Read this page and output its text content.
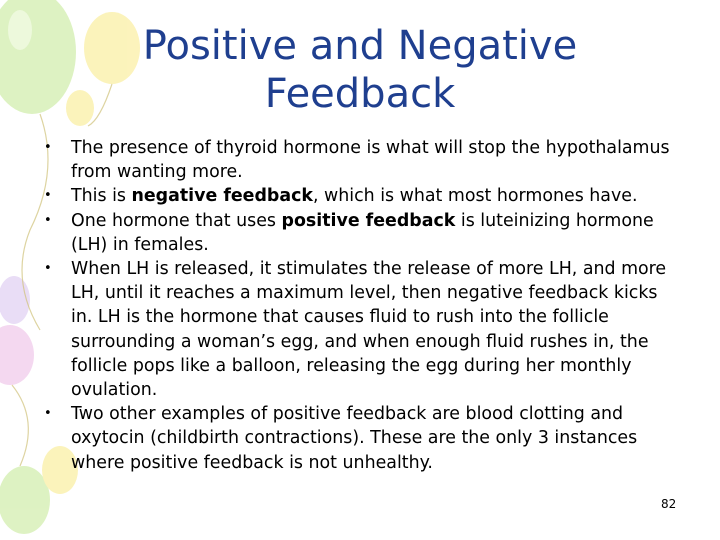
Positive and Negative
Feedback
• The presence of thyroid hormone is what will stop the hypothalamus from wanting more.
• This is negative feedback, which is what most hormones have.
• One hormone that uses positive feedback is luteinizing hormone (LH) in females.
• When LH is released, it stimulates the release of more LH, and more LH, until it reaches a maximum level, then negative feedback kicks in. LH is the hormone that causes fluid to rush into the follicle surrounding a woman’s egg, and when enough fluid rushes in, the follicle pops like a balloon, releasing the egg during her monthly ovulation.
• Two other examples of positive feedback are blood clotting and oxytocin (childbirth contractions). These are the only 3 instances where positive feedback is not unhealthy.
82
